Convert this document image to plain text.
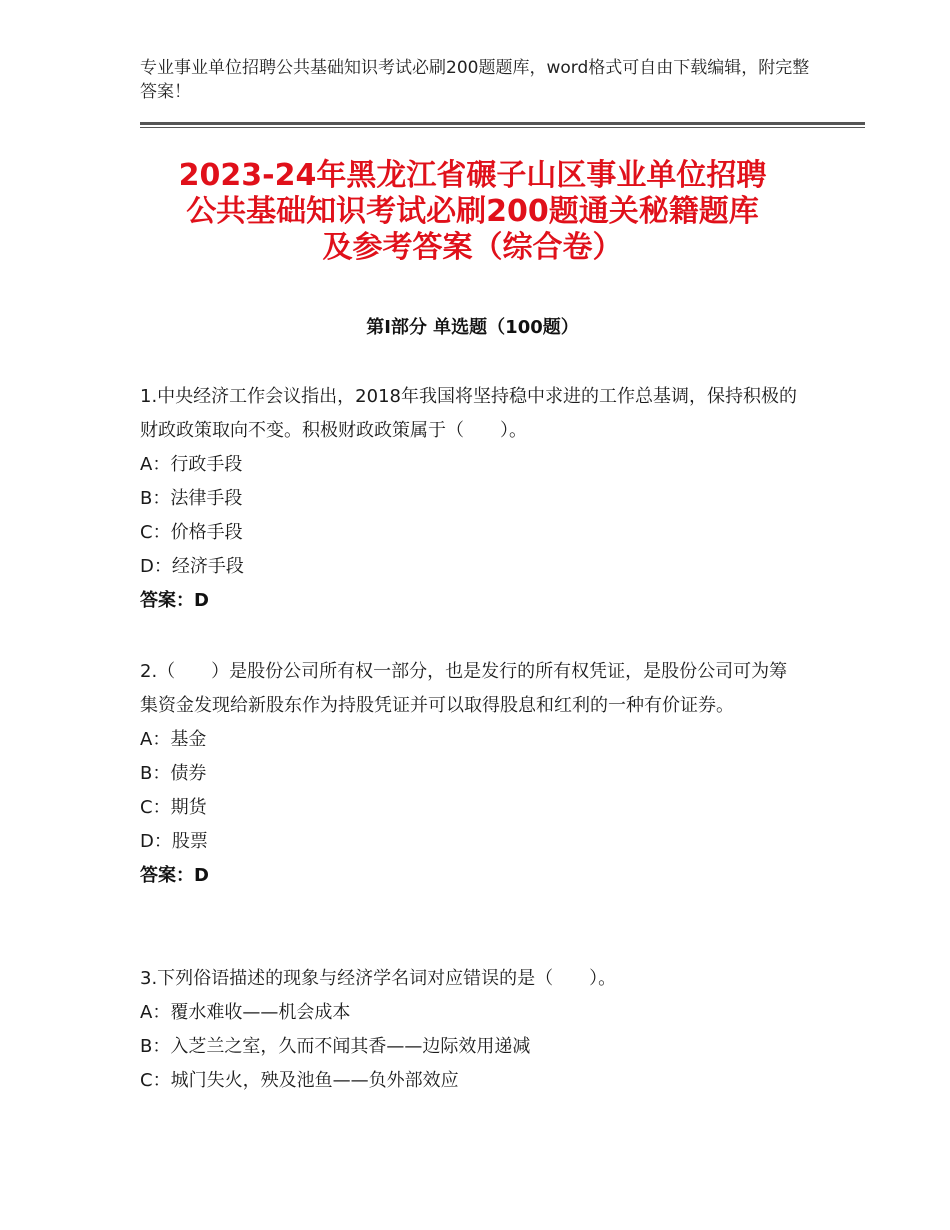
专业事业单位招聘公共基础知识考试必刷200题题库，word格式可自由下载编辑，附完整答案！
2023-24年黑龙江省碾子山区事业单位招聘
公共基础知识考试必刷200题通关秘籍题库
及参考答案（综合卷）
第Ⅰ部分 单选题（100题）
1.中央经济工作会议指出，2018年我国将坚持稳中求进的工作总基调，保持积极的财政政策取向不变。积极财政政策属于（　　）。
A：行政手段
B：法律手段
C：价格手段
D：经济手段
答案：D
2.（　　）是股份公司所有权一部分，也是发行的所有权凭证，是股份公司可为筹集资金发现给新股东作为持股凭证并可以取得股息和红利的一种有价证券。
A：基金
B：债券
C：期货
D：股票
答案：D
3.下列俗语描述的现象与经济学名词对应错误的是（　　）。
A：覆水难收——机会成本
B：入芝兰之室，久而不闻其香——边际效用递减
C：城门失火，殃及池鱼——负外部效应
